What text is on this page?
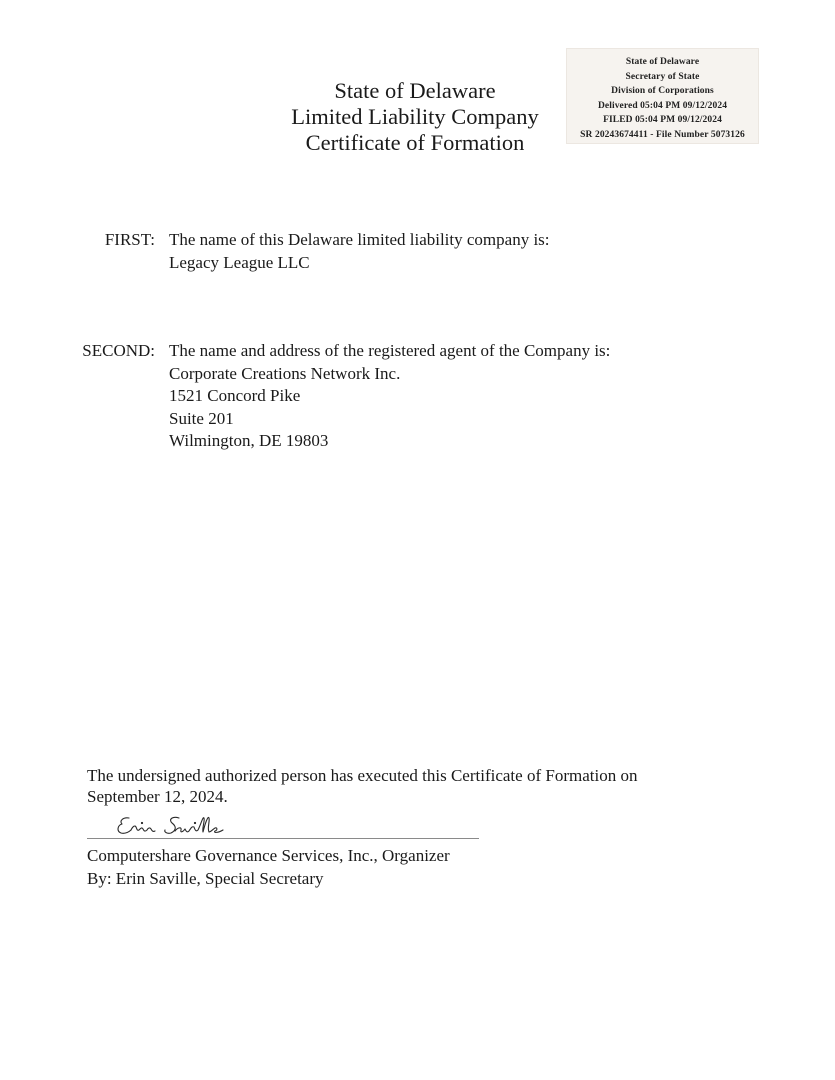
State of Delaware
Secretary of State
Division of Corporations
Delivered 05:04 PM 09/12/2024
FILED 05:04 PM 09/12/2024
SR 20243674411 - File Number 5073126
State of Delaware
Limited Liability Company
Certificate of Formation
FIRST: The name of this Delaware limited liability company is:
Legacy League LLC
SECOND: The name and address of the registered agent of the Company is:
Corporate Creations Network Inc.
1521 Concord Pike
Suite 201
Wilmington, DE 19803
The undersigned authorized person has executed this Certificate of Formation on
September 12, 2024.
Computershare Governance Services, Inc., Organizer
By: Erin Saville, Special Secretary
